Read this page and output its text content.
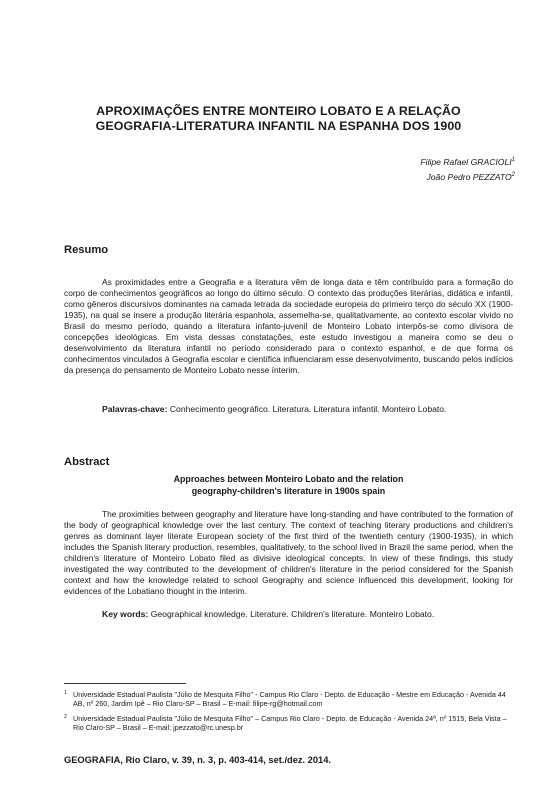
APROXIMAÇÕES ENTRE MONTEIRO LOBATO E A RELAÇÃO
GEOGRAFIA-LITERATURA INFANTIL NA ESPANHA DOS 1900
Filipe Rafael GRACIOLI$^1$
João Pedro PEZZATO$^2$
Resumo

As proximidades entre a Geografia e a literatura vêm de longa data e têm contribuído para a formação do corpo de conhecimentos geográficos ao longo do último século. O contexto das produções literárias, didática e infantil, como gêneros discursivos dominantes na camada letrada da sociedade europeia do primeiro terço do século XX (1900-1935), na qual se insere a produção literária espanhola, assemelha-se, qualitativamente, ao contexto escolar vivido no Brasil do mesmo período, quando a literatura infanto-juvenil de Monteiro Lobato interpôs-se como divisora de concepções ideológicas. Em vista dessas constatações, este estudo investigou a maneira como se deu o desenvolvimento da literatura infantil no período considerado para o contexto espanhol, e de que forma os conhecimentos vinculados à Geografia escolar e científica influenciaram esse desenvolvimento, buscando pelos indícios da presença do pensamento de Monteiro Lobato nesse ínterim.

Palavras-chave: Conhecimento geográfico. Literatura. Literatura infantil. Monteiro Lobato.
Abstract
Approaches between Monteiro Lobato and the relation
geography-children's literature in 1900s spain

The proximities between geography and literature have long-standing and have contributed to the formation of the body of geographical knowledge over the last century. The context of teaching literary productions and children's genres as dominant layer literate European society of the first third of the twentieth century (1900-1935), in which includes the Spanish literary production, resembles, qualitatively, to the school lived in Brazil the same period, when the children's literature of Monteiro Lobato filed as divisive ideological concepts. In view of these findings, this study investigated the way contributed to the development of children's literature in the period considered for the Spanish context and how the knowledge related to school Geography and science influenced this development, looking for evidences of the Lobatiano thought in the interim.

Key words: Geographical knowledge. Literature. Children's literature. Monteiro Lobato.
1 Universidade Estadual Paulista "Júlio de Mesquita Filho" - Campus Rio Claro - Depto. de Educação - Mestre em Educação - Avenida 44 AB, nº 260, Jardim Ipê – Rio Claro-SP – Brasil – E-mail: filipe-rg@hotmail.com
2 Universidade Estadual Paulista "Júlio de Mesquita Filho" – Campus Rio Claro - Depto. de Educação - Avenida 24ª, nº 1515, Bela Vista – Rio Claro-SP – Brasil – E-mail: jpezzato@rc.unesp.br
GEOGRAFIA, Rio Claro, v. 39, n. 3, p. 403-414, set./dez. 2014.
